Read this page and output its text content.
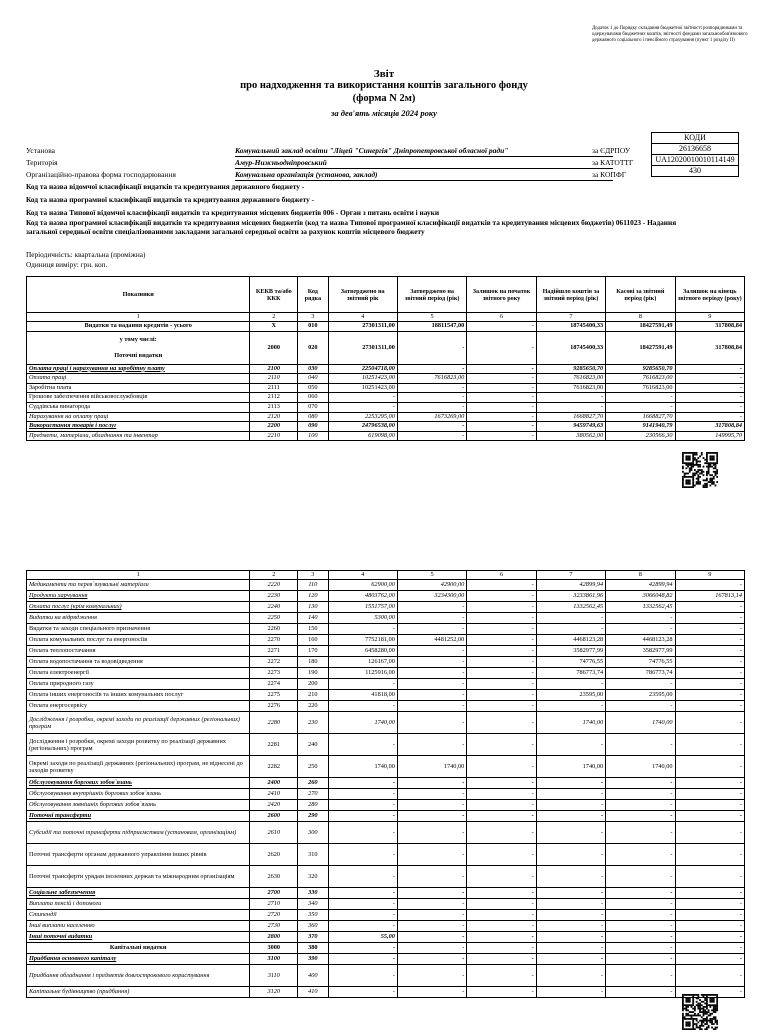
Додаток 1 до Порядку складання бюджетної звітності розпорядниками та одержувачами бюджетних коштів, звітності фондами загальнообов'язкового державного соціального і пенсійного страхування (пункт 1 розділу ІІ)
Звіт
про надходження та використання коштів загального фонду
(форма N 2м)
за дев'ять місяців 2024 року
КОДИ
26136658
UA12020010010114149
430
Установа	Комунальний заклад освіти "Ліцей "Синергія" Дніпропетровської обласної ради"	за ЄДРПОУ
Територія	Амур-Нижньодніпровський	за КАТОТТГ
Організаційно-правова форма господарювання	Комунальна організація (установа, заклад)	за КОПФГ
Код та назва відомчої класифікації видатків та кредитування державного бюджету -
Код та назва програмної класифікації видатків та кредитування державного бюджету -
Код та назва Типової відомчої класифікації видатків та кредитування місцевих бюджетів 006 - Орган з питань освіти і науки
Код та назва програмної класифікації видатків та кредитування місцевих бюджетів (код та назва Типової програмної класифікації видатків та кредитування місцевих бюджетів) 0611023 - Надання загальної середньої освіти спеціалізованими закладами загальної середньої освіти за рахунок коштів місцевого бюджету
Періодичність: квартальна (проміжна)
Одиниця виміру: грн. коп.
Показники	КЕКВ та/або ККК	Код рядка	Затверджено на звітний рік	Затверджено на звітний період (рік)	Залишок на початок звітного року	Надійшло коштів за звітний період (рік)	Касові за звітний період (рік)	Залишок на кінець звітного періоду (року)
1	2	3	4	5	6	7	8	9
Видатки та надання кредитів - усього	X	010	27301311,00	18811547,00	-	18745400,33	18427591,49	317808,84
у тому числі:
Поточні видатки	2000	020	27301311,00	-	-	18745400,33	18427591,49	317808,84
Оплата праці і нарахування на заробітну плату	2100	030	22504718,00	-	-	9285650,70	9285650,70	-
Оплата праці	2110	040	10251423,00	7616823,00	-	7616823,00	7616823,00	-
Заробітна плата	2111	050	10251423,00	-	-	7616823,00	7616823,00	-
Грошове забезпечення військовослужбовців	2112	060	-	-	-	-	-	-
Суддівська винагорода	2113	070	-	-	-	-	-	-
Нарахування на оплату праці	2120	080	2253295,00	1673269,00	-	1668827,70	1668827,70	-
Використання товарів і послуг	2200	090	24796538,00	-	-	9459749,63	9141940,79	317808,84
Предмети, матеріали, обладнання та інвентар	2210	100	619098,00	-	-	380562,00	230566,30	149995,70
1	2	3	4	5	6	7	8	9
Медикаменти та перев`язувальні матеріали	2220	110	62900,00	42900,00	-	42899,94	42899,94	-
Продукти харчування	2230	120	4803762,00	3234300,00	-	3233861,96	3066048,82	167813,14
Оплата послуг (крім комунальних)	2240	130	1551757,00	-	-	1332562,45	1332562,45	-
Видатки на відрядження	2250	140	5300,00	-	-	-	-	-
Видатки та заходи спеціального призначення	2260	150	-	-	-	-	-	-
Оплата комунальних послуг та енергоносіїв	2270	160	7752181,00	4481252,00	-	4468123,28	4468123,28	-
Оплата теплопостачання	2271	170	6458280,00	-	-	3582977,99	3582977,99	-
Оплата водопостачання та водовідведення	2272	180	126167,00	-	-	74776,55	74776,55	-
Оплата електроенергії	2273	190	1125916,00	-	-	786773,74	786773,74	-
Оплата природного газу	2274	200	-	-	-	-	-	-
Оплата інших енергоносіїв та інших комунальних послуг	2275	210	41818,00	-	-	23595,00	23595,00	-
Оплата енергосервісу	2276	220	-	-	-	-	-	-
Дослідження і розробки, окремі заходи по реалізації державних (регіональних) програм	2280	230	1740,00	-	-	1740,00	1740,00	-
Дослідження і розробки, окремі заходи розвитку по реалізації державних (регіональних) програм	2281	240	-	-	-	-	-	-
Окремі заходи по реалізації державних (регіональних) програм, не віднесені до заходів розвитку	2282	250	1740,00	1740,00	-	1740,00	1740,00	-
Обслуговування боргових зобов`язань	2400	260	-	-	-	-	-	-
Обслуговування внутрішніх боргових зобов`язань	2410	270	-	-	-	-	-	-
Обслуговування зовнішніх боргових зобов`язань	2420	280	-	-	-	-	-	-
Поточні трансферти	2600	290	-	-	-	-	-	-
Субсидії та поточні трансферти підприємствам (установам, організаціям)	2610	300	-	-	-	-	-	-
Поточні трансферти органам державного управління інших рівнів	2620	310	-	-	-	-	-	-
Поточні трансферти урядам іноземних держав та міжнародним організаціям	2630	320	-	-	-	-	-	-
Соціальне забезпечення	2700	330	-	-	-	-	-	-
Виплата пенсій і допомоги	2710	340	-	-	-	-	-	-
Стипендії	2720	350	-	-	-	-	-	-
Інші виплати населенню	2730	360	-	-	-	-	-	-
Інші поточні видатки	2800	370	55,00	-	-	-	-	-
Капітальні видатки	3000	380	-	-	-	-	-	-
Придбання основного капіталу	3100	390	-	-	-	-	-	-
Придбання обладнання і предметів довгострокового користування	3110	400	-	-	-	-	-	-
Капітальне будівництво (придбання)	3120	410	-	-	-	-	-	-
